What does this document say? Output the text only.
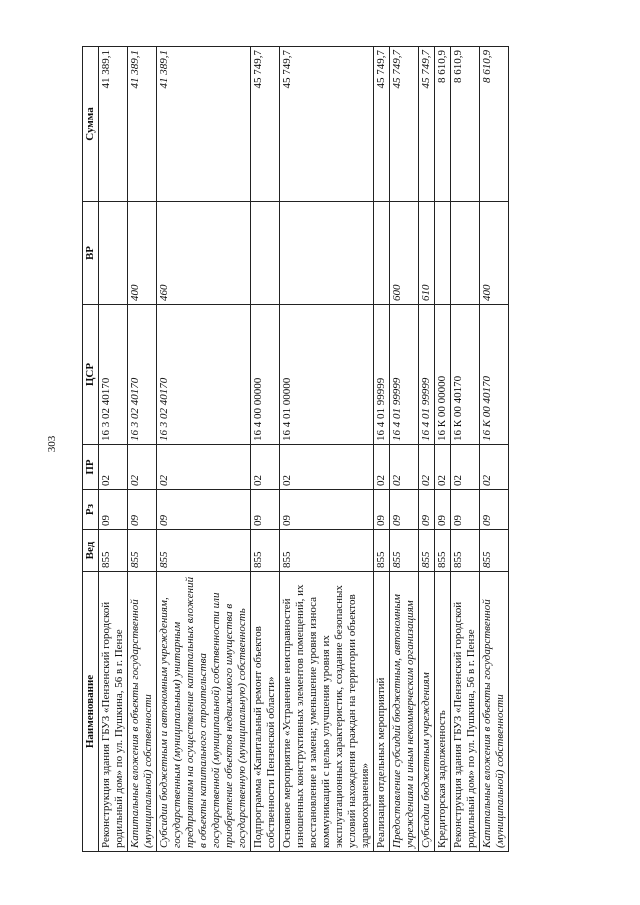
303
Наименование	Вед	Рз	ПР	ЦСР	ВР	Сумма
Реконструкция здания ГБУЗ «Пензенский городской родильный дом» по ул. Пушкина, 56 в г. Пензе	855	09	02	16 3 02 40170		41 389,1
Капитальные вложения в объекты государственной (муниципальной) собственности	855	09	02	16 3 02 40170	400	41 389,1
Субсидии бюджетным и автономным учреждениям, государственным (муниципальным) унитарным предприятиям на осуществление капитальных вложений в объекты капитального строительства государственной (муниципальной) собственности или приобретение объектов недвижимого имущества в государственную (муниципальную) собственность	855	09	02	16 3 02 40170	460	41 389,1
Подпрограмма «Капитальный ремонт объектов собственности Пензенской области»	855	09	02	16 4 00 00000		45 749,7
Основное мероприятие «Устранение неисправностей изношенных конструктивных элементов помещений, их восстановление и замена; уменьшение уровня износа коммуникаций с целью улучшения уровня их эксплуатационных характеристик, создание безопасных условий нахождения граждан на территории объектов здравоохранения»	855	09	02	16 4 01 00000		45 749,7
Реализация отдельных мероприятий	855	09	02	16 4 01 99999		45 749,7
Предоставление субсидий бюджетным, автономным учреждениям и иным некоммерческим организациям	855	09	02	16 4 01 99999	600	45 749,7
Субсидии бюджетным учреждениям	855	09	02	16 4 01 99999	610	45 749,7
Кредиторская задолженность	855	09	02	16 К 00 00000		8 610,9
Реконструкция здания ГБУЗ «Пензенский городской родильный дом» по ул. Пушкина, 56 в г. Пензе	855	09	02	16 К 00 40170		8 610,9
Капитальные вложения в объекты государственной (муниципальной) собственности	855	09	02	16 К 00 40170	400	8 610,9
